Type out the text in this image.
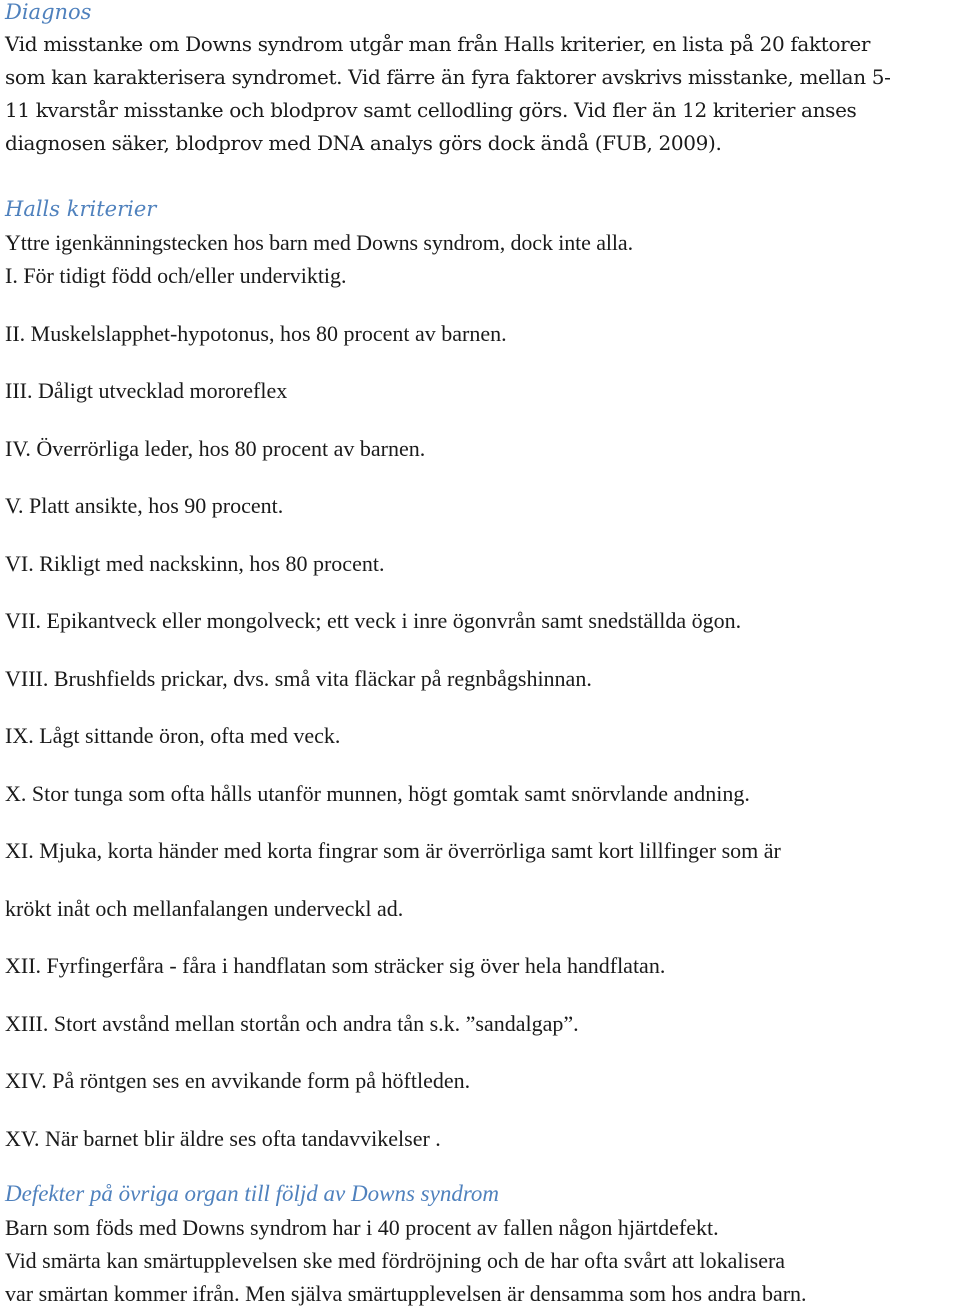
Diagnos

Vid misstanke om Downs syndrom utgår man från Halls kriterier, en lista på 20 faktorer
som kan karakterisera syndromet. Vid färre än fyra faktorer avskrivs misstanke, mellan 5-
11 kvarstår misstanke och blodprov samt cellodling görs. Vid fler än 12 kriterier anses
diagnosen säker, blodprov med DNA analys görs dock ändå (FUB, 2009).

Halls kriterier

Yttre igenkänningstecken hos barn med Downs syndrom, dock inte alla.

I. För tidigt född och/eller underviktig.
II. Muskelslapphet-hypotonus, hos 80 procent av barnen.
III. Dåligt utvecklad mororeflex
IV. Överrörliga leder, hos 80 procent av barnen.
V. Platt ansikte, hos 90 procent.
VI. Rikligt med nackskinn, hos 80 procent.
VII. Epikantveck eller mongolveck; ett veck i inre ögonvrån samt snedställda ögon.
VIII. Brushfields prickar, dvs. små vita fläckar på regnbågshinnan.
IX. Lågt sittande öron, ofta med veck.
X. Stor tunga som ofta hålls utanför munnen, högt gomtak samt snörvlande andning.
XI. Mjuka, korta händer med korta fingrar som är överrörliga samt kort lillfinger som är
krökt inåt och mellanfalangen underveckl ad.
XII. Fyrfingerfåra - fåra i handflatan som sträcker sig över hela handflatan.
XIII. Stort avstånd mellan stortån och andra tån s.k. ”sandalgap”.
XIV. På röntgen ses en avvikande form på höftleden.
XV. När barnet blir äldre ses ofta tandavvikelser .
Defekter på övriga organ till följd av Downs syndrom

Barn som föds med Downs syndrom har i 40 procent av fallen någon hjärtdefekt.
Vid smärta kan smärtupplevelsen ske med fördröjning och de har ofta svårt att lokalisera
var smärtan kommer ifrån. Men själva smärtupplevelsen är densamma som hos andra barn.
